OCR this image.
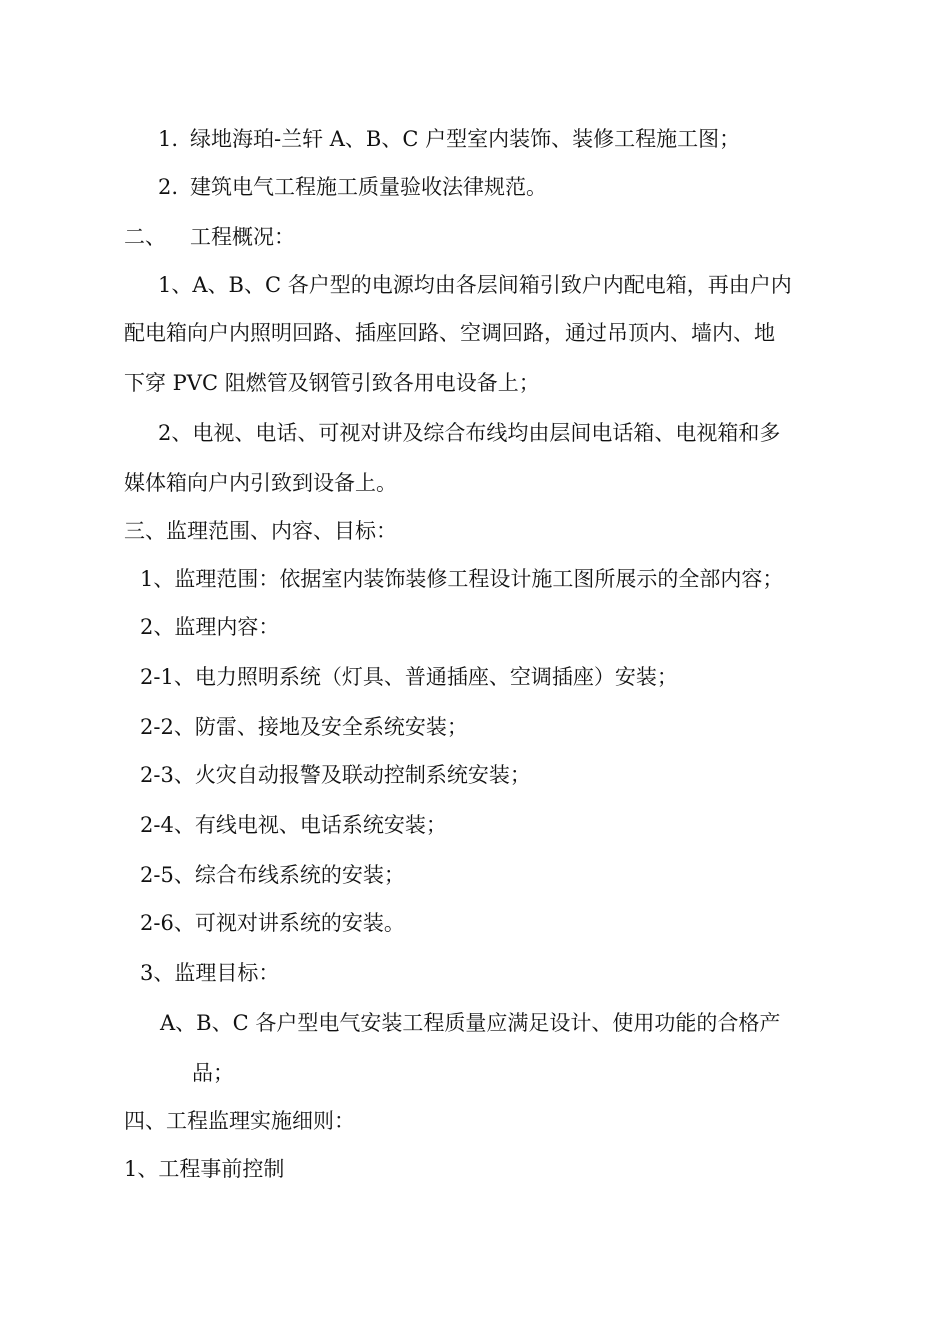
1. 绿地海珀-兰轩 A、B、C 户型室内装饰、装修工程施工图；
2. 建筑电气工程施工质量验收法律规范。
二、 工程概况：
1、A、B、C 各户型的电源均由各层间箱引致户内配电箱，再由户内
配电箱向户内照明回路、插座回路、空调回路，通过吊顶内、墙内、地
下穿 PVC 阻燃管及钢管引致各用电设备上；
2、电视、电话、可视对讲及综合布线均由层间电话箱、电视箱和多
媒体箱向户内引致到设备上。
三、监理范围、内容、目标：
1、监理范围：依据室内装饰装修工程设计施工图所展示的全部内容；
2、监理内容：
2-1、电力照明系统（灯具、普通插座、空调插座）安装；
2-2、防雷、接地及安全系统安装；
2-3、火灾自动报警及联动控制系统安装；
2-4、有线电视、电话系统安装；
2-5、综合布线系统的安装；
2-6、可视对讲系统的安装。
3、监理目标：
A、B、C 各户型电气安装工程质量应满足设计、使用功能的合格产
品；
四、工程监理实施细则：
1、工程事前控制
